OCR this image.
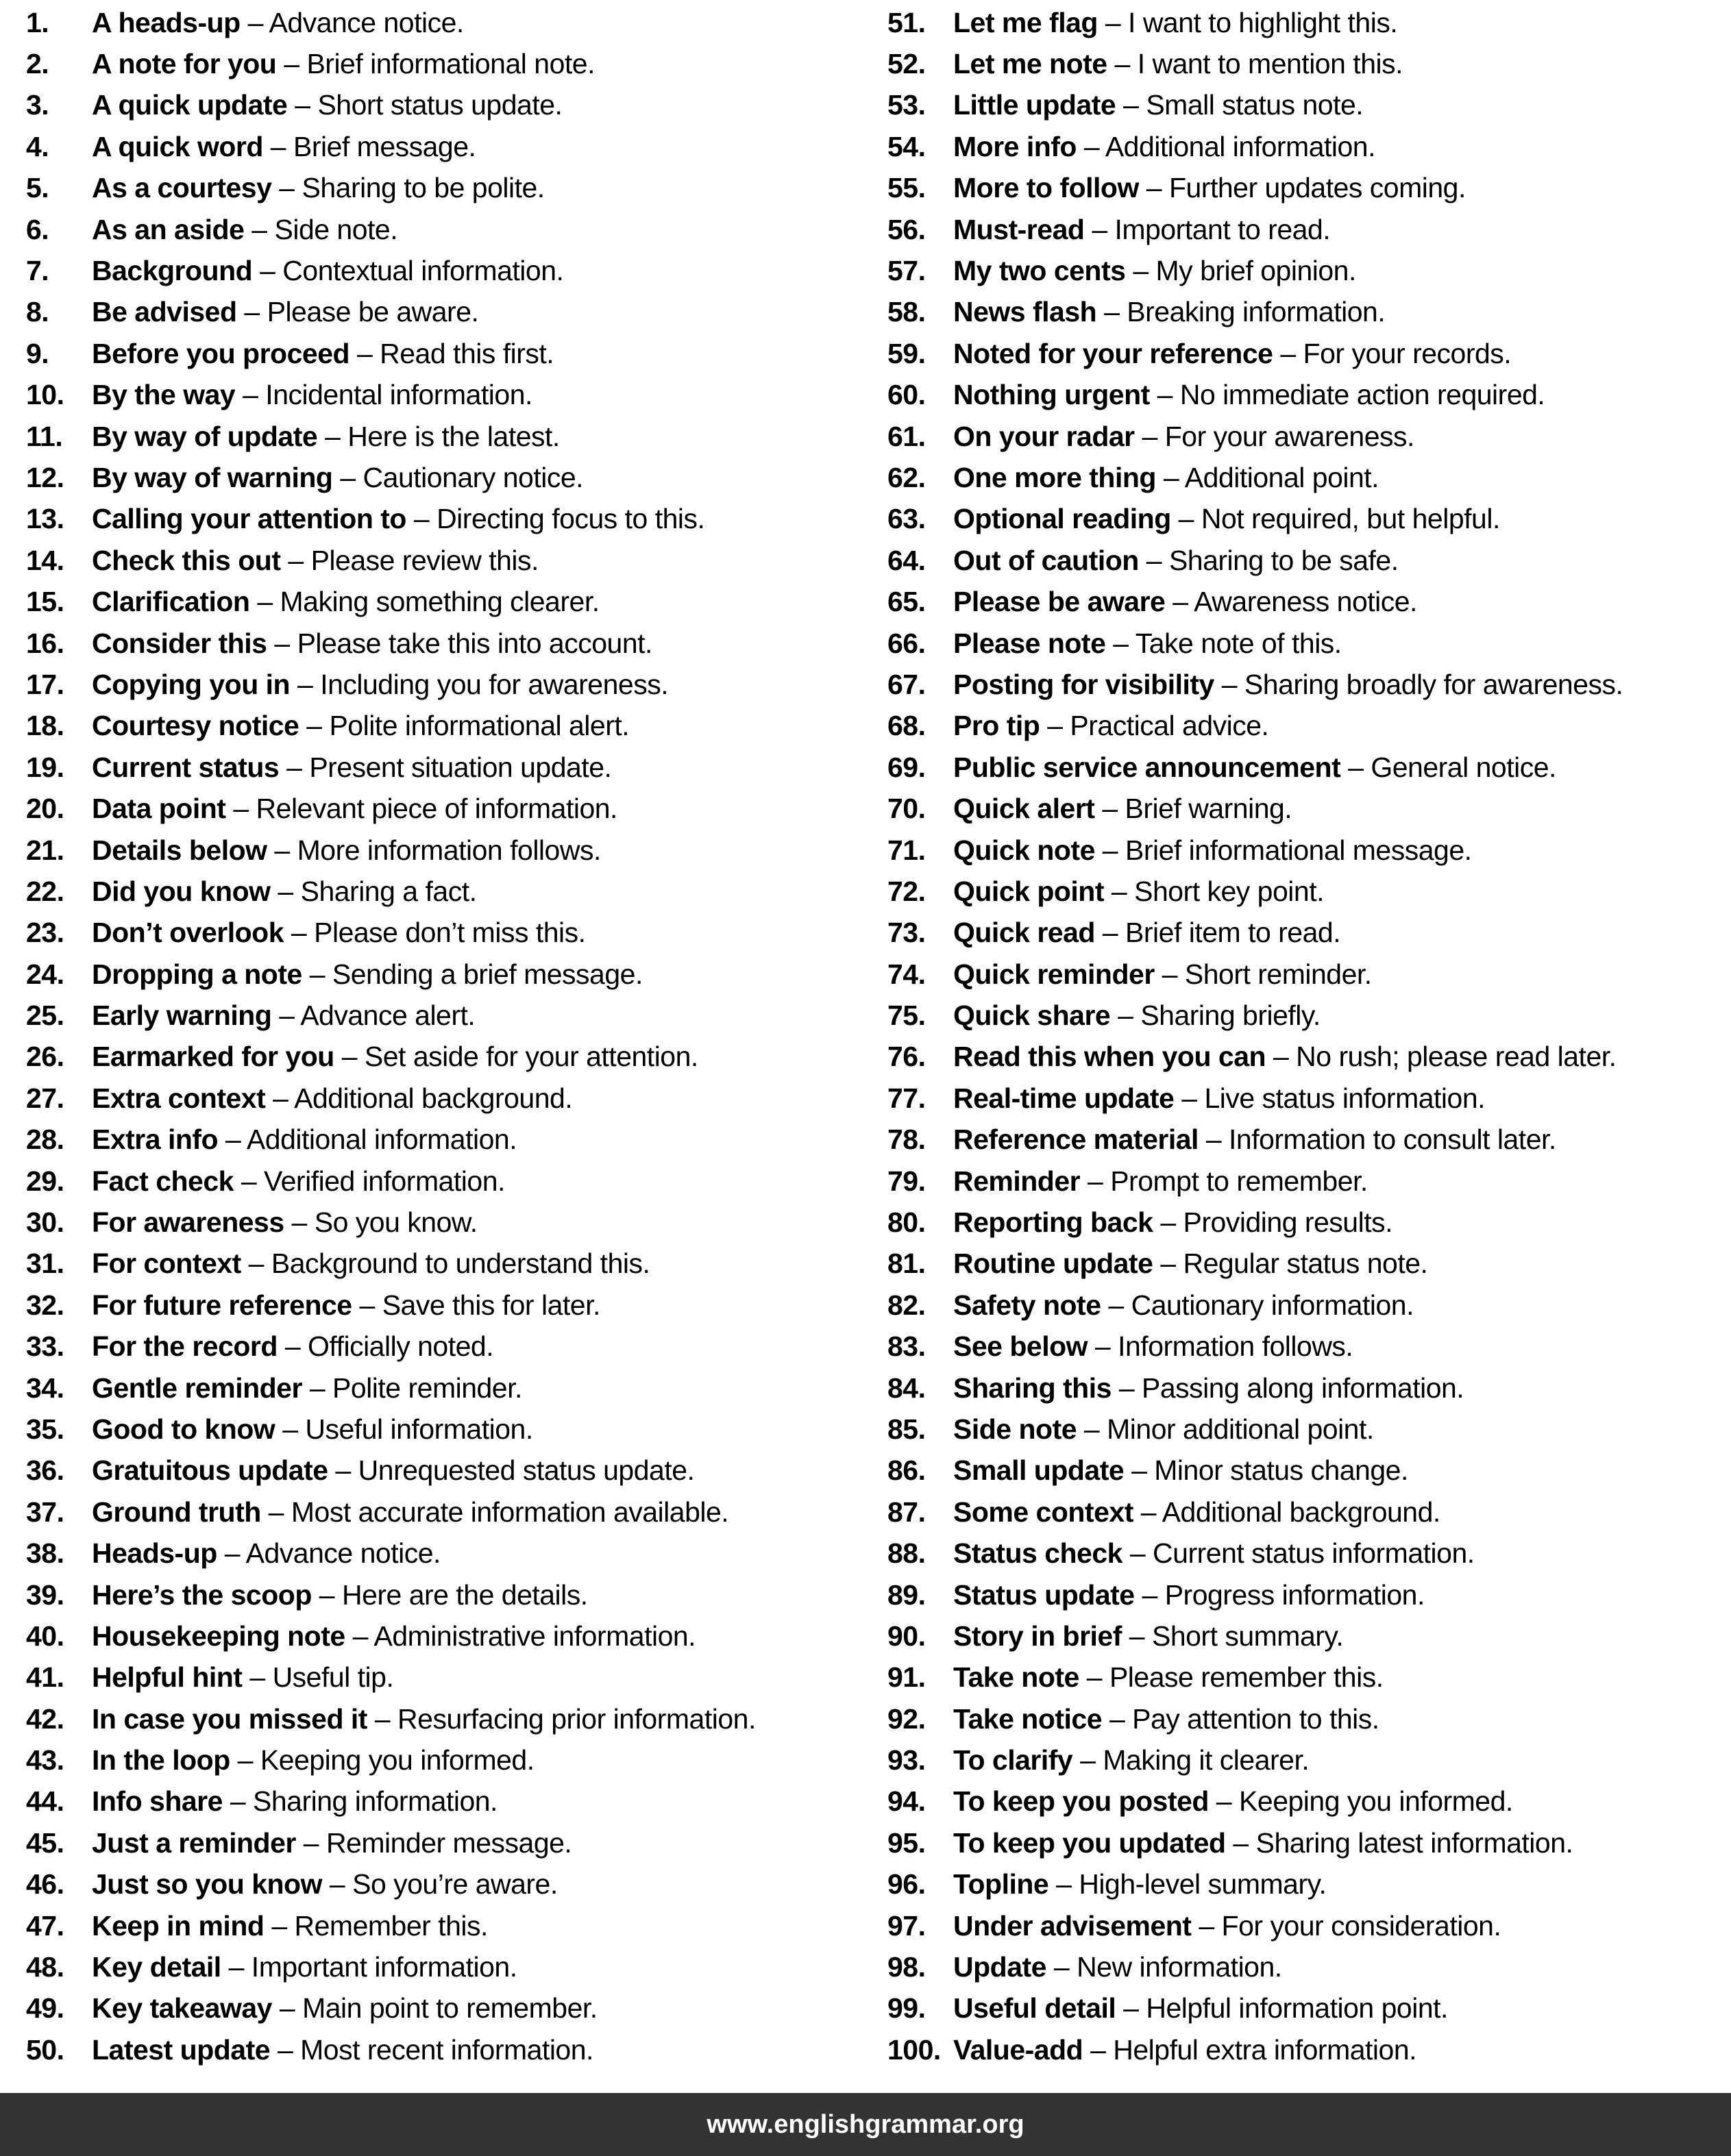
1.	A heads-up – Advance notice.
2.	A note for you – Brief informational note.
3.	A quick update – Short status update.
4.	A quick word – Brief message.
5.	As a courtesy – Sharing to be polite.
6.	As an aside – Side note.
7.	Background – Contextual information.
8.	Be advised – Please be aware.
9.	Before you proceed – Read this first.
10. By the way – Incidental information.
11.	By way of update – Here is the latest.
12. By way of warning – Cautionary notice.
13. Calling your attention to – Directing focus to this.
14. Check this out – Please review this.
15. Clarification – Making something clearer.
16. Consider this – Please take this into account.
17. Copying you in – Including you for awareness.
18. Courtesy notice – Polite informational alert.
19. Current status – Present situation update.
20. Data point – Relevant piece of information.
21. Details below – More information follows.
22. Did you know – Sharing a fact.
23. Don’t overlook – Please don’t miss this.
24. Dropping a note – Sending a brief message.
25. Early warning – Advance alert.
26. Earmarked for you – Set aside for your attention.
27. Extra context – Additional background.
28. Extra info – Additional information.
29. Fact check – Verified information.
30. For awareness – So you know.
31. For context – Background to understand this.
32. For future reference – Save this for later.
33. For the record – Officially noted.
34. Gentle reminder – Polite reminder.
35. Good to know – Useful information.
36. Gratuitous update – Unrequested status update.
37. Ground truth – Most accurate information available.
38. Heads-up – Advance notice.
39. Here’s the scoop – Here are the details.
40. Housekeeping note – Administrative information.
41. Helpful hint – Useful tip.
42. In case you missed it – Resurfacing prior information.
43. In the loop – Keeping you informed.
44. Info share – Sharing information.
45. Just a reminder – Reminder message.
46. Just so you know – So you’re aware.
47. Keep in mind – Remember this.
48. Key detail – Important information.
49. Key takeaway – Main point to remember.
50. Latest update – Most recent information.
51. Let me flag – I want to highlight this.
52. Let me note – I want to mention this.
53. Little update – Small status note.
54. More info – Additional information.
55. More to follow – Further updates coming.
56. Must-read – Important to read.
57. My two cents – My brief opinion.
58. News flash – Breaking information.
59. Noted for your reference – For your records.
60. Nothing urgent – No immediate action required.
61. On your radar – For your awareness.
62. One more thing – Additional point.
63. Optional reading – Not required, but helpful.
64. Out of caution – Sharing to be safe.
65. Please be aware – Awareness notice.
66. Please note – Take note of this.
67. Posting for visibility – Sharing broadly for awareness.
68. Pro tip – Practical advice.
69. Public service announcement – General notice.
70. Quick alert – Brief warning.
71. Quick note – Brief informational message.
72. Quick point – Short key point.
73. Quick read – Brief item to read.
74. Quick reminder – Short reminder.
75. Quick share – Sharing briefly.
76. Read this when you can – No rush; please read later.
77. Real-time update – Live status information.
78. Reference material – Information to consult later.
79. Reminder – Prompt to remember.
80. Reporting back – Providing results.
81. Routine update – Regular status note.
82. Safety note – Cautionary information.
83. See below – Information follows.
84. Sharing this – Passing along information.
85. Side note – Minor additional point.
86. Small update – Minor status change.
87. Some context – Additional background.
88. Status check – Current status information.
89. Status update – Progress information.
90. Story in brief – Short summary.
91. Take note – Please remember this.
92. Take notice – Pay attention to this.
93. To clarify – Making it clearer.
94. To keep you posted – Keeping you informed.
95. To keep you updated – Sharing latest information.
96. Topline – High-level summary.
97. Under advisement – For your consideration.
98. Update – New information.
99. Useful detail – Helpful information point.
100. Value-add – Helpful extra information.
www.englishgrammar.org
